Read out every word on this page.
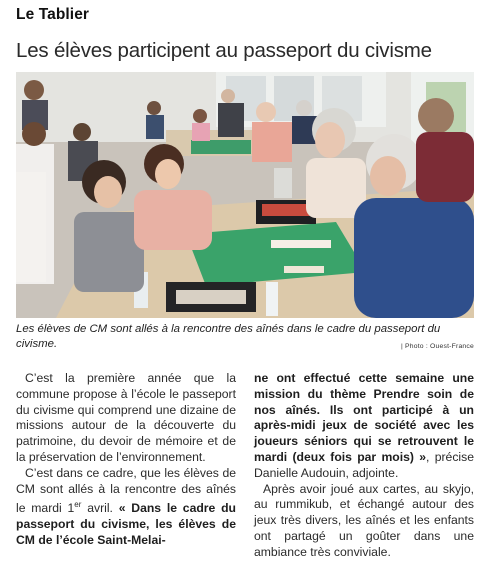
Le Tablier
Les élèves participent au passeport du civisme
Les élèves de CM sont allés à la rencontre des aînés dans le cadre du passeport du civisme.	| Photo : Ouest-France

C’est la première année que la commune propose à l’école le passeport du civisme qui comprend une dizaine de missions autour de la découverte du patrimoine, du devoir de mémoire et de la préservation de l’environnement.

C’est dans ce cadre, que les élèves de CM sont allés à la rencontre des aînés le mardi 1er avril. « Dans le cadre du passeport du civisme, les élèves de CM de l’école Saint-Melai-

ne ont effectué cette semaine une mission du thème Prendre soin de nos aînés. Ils ont participé à un après-midi jeux de société avec les joueurs séniors qui se retrouvent le mardi (deux fois par mois) », précise Danielle Audouin, adjointe.

Après avoir joué aux cartes, au skyjo, au rummikub, et échangé autour des jeux très divers, les aînés et les enfants ont partagé un goûter dans une ambiance très conviviale.
